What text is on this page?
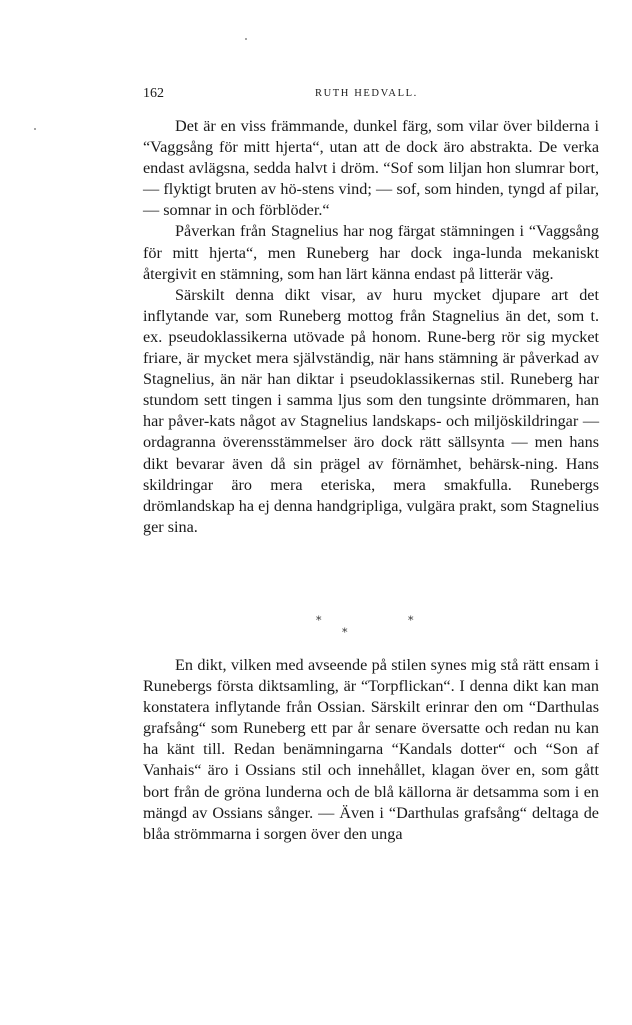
162	RUTH HEDVALL.

Det är en viss främmande, dunkel färg, som vilar över bilderna i “Vaggsång för mitt hjerta“, utan att de dock äro abstrakta. De verka endast avlägsna, sedda halvt i dröm. “Sof som liljan hon slumrar bort, — flyktigt bruten av hö-stens vind; — sof, som hinden, tyngd af pilar, — somnar in och förblöder.“

Påverkan från Stagnelius har nog färgat stämningen i “Vaggsång för mitt hjerta“, men Runeberg har dock inga-lunda mekaniskt återgivit en stämning, som han lärt känna endast på litterär väg.

Särskilt denna dikt visar, av huru mycket djupare art det inflytande var, som Runeberg mottog från Stagnelius än det, som t. ex. pseudoklassikerna utövade på honom. Rune-berg rör sig mycket friare, är mycket mera självständig, när hans stämning är påverkad av Stagnelius, än när han diktar i pseudoklassikernas stil. Runeberg har stundom sett tingen i samma ljus som den tungsinte drömmaren, han har påver-kats något av Stagnelius landskaps- och miljöskildringar — ordagranna överensstämmelser äro dock rätt sällsynta — men hans dikt bevarar även då sin prägel av förnämhet, behärsk-ning. Hans skildringar äro mera eteriska, mera smakfulla. Runebergs drömlandskap ha ej denna handgripliga, vulgära prakt, som Stagnelius ger sina.

*
*
*

En dikt, vilken med avseende på stilen synes mig stå rätt ensam i Runebergs första diktsamling, är “Torpflickan“. I denna dikt kan man konstatera inflytande från Ossian. Särskilt erinrar den om “Darthulas grafsång“ som Runeberg ett par år senare översatte och redan nu kan ha känt till. Redan benämningarna “Kandals dotter“ och “Son af Vanhais“ äro i Ossians stil och innehållet, klagan över en, som gått bort från de gröna lunderna och de blå källorna är detsamma som i en mängd av Ossians sånger. — Även i “Darthulas grafsång“ deltaga de blåa strömmarna i sorgen över den unga
